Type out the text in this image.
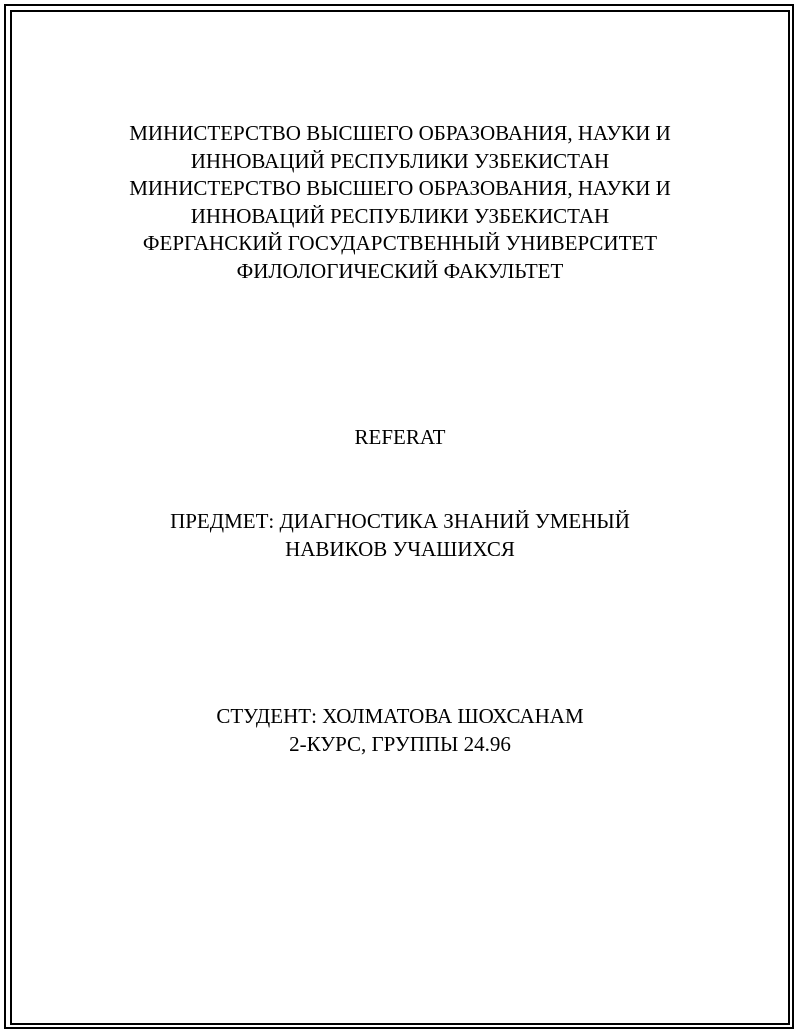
МИНИСТЕРСТВО ВЫСШЕГО ОБРАЗОВАНИЯ, НАУКИ И
ИННОВАЦИЙ РЕСПУБЛИКИ УЗБЕКИСТАН
МИНИСТЕРСТВО ВЫСШЕГО ОБРАЗОВАНИЯ, НАУКИ И
ИННОВАЦИЙ РЕСПУБЛИКИ УЗБЕКИСТАН
ФЕРГАНСКИЙ ГОСУДАРСТВЕННЫЙ УНИВЕРСИТЕТ
ФИЛОЛОГИЧЕСКИЙ ФАКУЛЬТЕТ
REFERAT
ПРЕДМЕТ: ДИАГНОСТИКА ЗНАНИЙ УМЕНЫЙ
НАВИКОВ УЧАШИХСЯ
СТУДЕНТ: ХОЛМАТОВА ШОХСАНАМ
2-КУРС, ГРУППЫ 24.96
